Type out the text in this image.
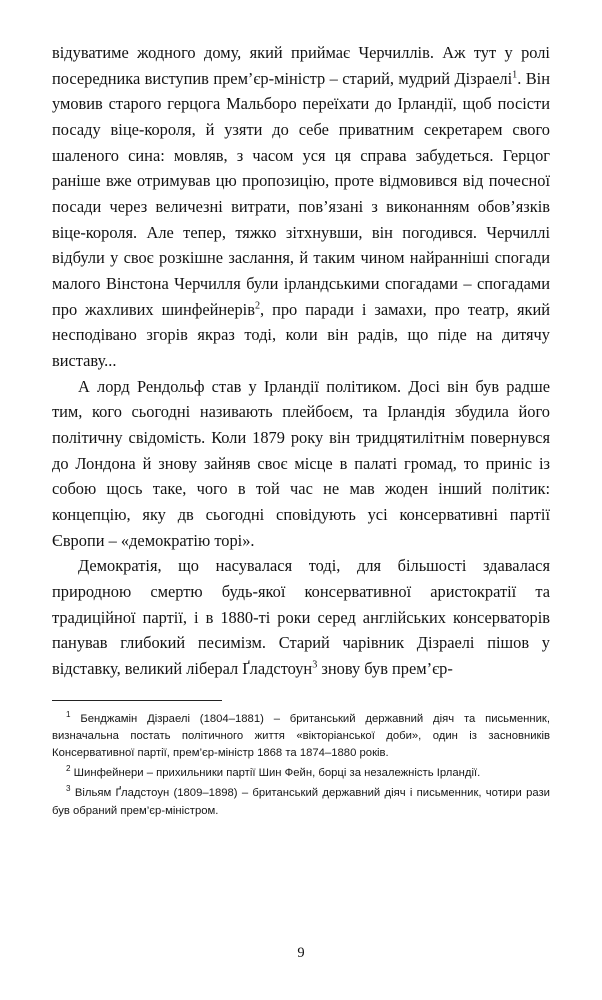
відуватиме жодного дому, який приймає Черчиллів. Аж тут у ролі посередника виступив прем’єр-міністр – старий, мудрий Дізраелі$^1$. Він умовив старого герцога Мальборо переїхати до Ірландії, щоб посісти посаду віце-короля, й узяти до себе приватним секретарем свого шаленого сина: мовляв, з часом уся ця справа забудеться. Герцог раніше вже отримував цю пропозицію, проте відмовився від почесної посади через величезні витрати, пов’язані з виконанням обов’язків віце-короля. Але тепер, тяжко зітхнувши, він погодився. Черчиллі відбули у своє розкішне заслання, й таким чином найранніші спогади малого Вінстона Черчилля були ірландськими спогадами – спогадами про жахливих шинфейнерів$^2$, про паради і замахи, про театр, який несподівано згорів якраз тоді, коли він радів, що піде на дитячу виставу...

А лорд Рендольф став у Ірландії політиком. Досі він був радше тим, кого сьогодні називають плейбоєм, та Ірландія збудила його політичну свідомість. Коли 1879 року він тридцятилітнім повернувся до Лондона й знову зайняв своє місце в палаті громад, то приніс із собою щось таке, чого в той час не мав жоден інший політик: концепцію, яку дв сьогодні сповідують усі консервативні партії Європи – «демократію торі».

Демократія, що насувалася тоді, для більшості здавалася природною смертю будь-якої консервативної аристократії та традиційної партії, і в 1880-ті роки серед англійських консерваторів панував глибокий песимізм. Старий чарівник Дізраелі пішов у відставку, великий ліберал Ґладстоун$^3$ знову був прем’єр-

$^1$ Бенджамін Дізраелі (1804–1881) – британський державний діяч та письменник, визначальна постать політичного життя «вікторіанської доби», один із засновників Консервативної партії, прем’єр-міністр 1868 та 1874–1880 років.

$^2$ Шинфейнери – прихильники партії Шин Фейн, борці за незалежність Ірландії.

$^3$ Вільям Ґладстоун (1809–1898) – британський державний діяч і письменник, чотири рази був обраний прем’єр-міністром.

9
